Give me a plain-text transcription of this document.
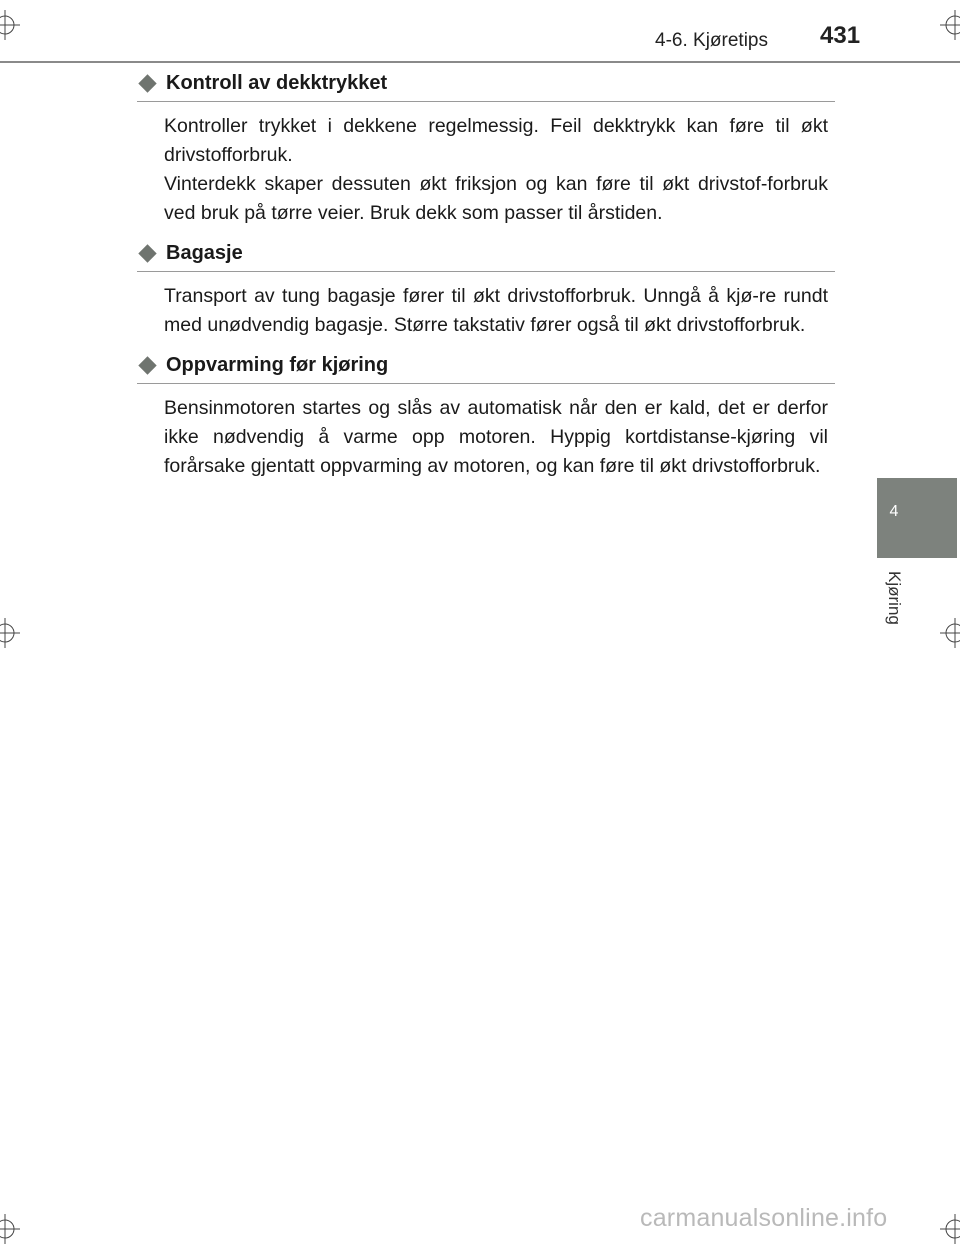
4-6. Kjøretips 431
4
Kjøring
Kontroll av dekktrykket

Kontroller trykket i dekkene regelmessig. Feil dekktrykk kan føre til økt drivstofforbruk.

Vinterdekk skaper dessuten økt friksjon og kan føre til økt drivstof-forbruk ved bruk på tørre veier. Bruk dekk som passer til årstiden.

Bagasje

Transport av tung bagasje fører til økt drivstofforbruk. Unngå å kjø-re rundt med unødvendig bagasje. Større takstativ fører også til økt drivstofforbruk.

Oppvarming før kjøring

Bensinmotoren startes og slås av automatisk når den er kald, det er derfor ikke nødvendig å varme opp motoren. Hyppig kortdistanse-kjøring vil forårsake gjentatt oppvarming av motoren, og kan føre til økt drivstofforbruk.

carmanualsonline.info
